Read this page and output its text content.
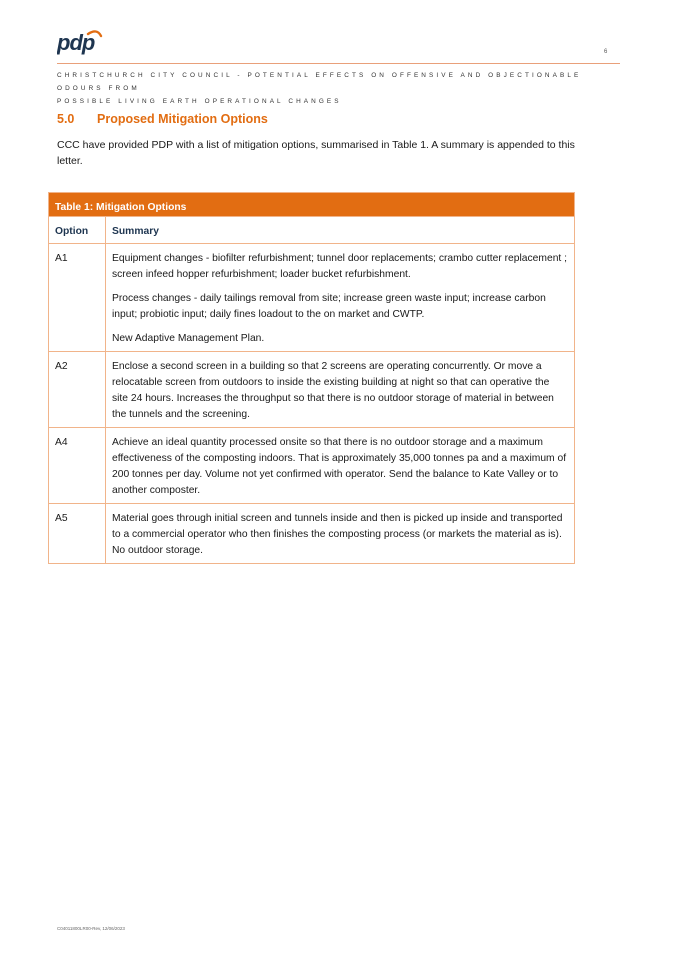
pdp	6
CHRISTCHURCH CITY COUNCIL - POTENTIAL EFFECTS ON OFFENSIVE AND OBJECTIONABLE ODOURS FROM
POSSIBLE LIVING EARTH OPERATIONAL CHANGES
5.0 Proposed Mitigation Options
CCC have provided PDP with a list of mitigation options, summarised in Table 1. A summary is appended to this letter.
Table 1: Mitigation Options	
Option	Summary
A1	Equipment changes - biofilter refurbishment; tunnel door replacements; crambo cutter replacement ; screen infeed hopper refurbishment; loader bucket refurbishment.

Process changes - daily tailings removal from site; increase green waste input; increase carbon input; probiotic input; daily fines loadout to the on market and CWTP.

New Adaptive Management Plan.

A2	Enclose a second screen in a building so that 2 screens are operating concurrently. Or move a relocatable screen from outdoors to inside the existing building at night so that can operative the site 24 hours. Increases the throughput so that there is no outdoor storage of material in between the tunnels and the screening.

A4	Achieve an ideal quantity processed onsite so that there is no outdoor storage and a maximum effectiveness of the composting indoors. That is approximately 35,000 tonnes pa and a maximum of 200 tonnes per day. Volume not yet confirmed with operator. Send the balance to Kate Valley or to another composter.

A5	Material goes through initial screen and tunnels inside and then is picked up inside and transported to a commercial operator who then finishes the composting process (or markets the material as is). No outdoor storage.

C04011800LR00-Rev, 12/06/2023
